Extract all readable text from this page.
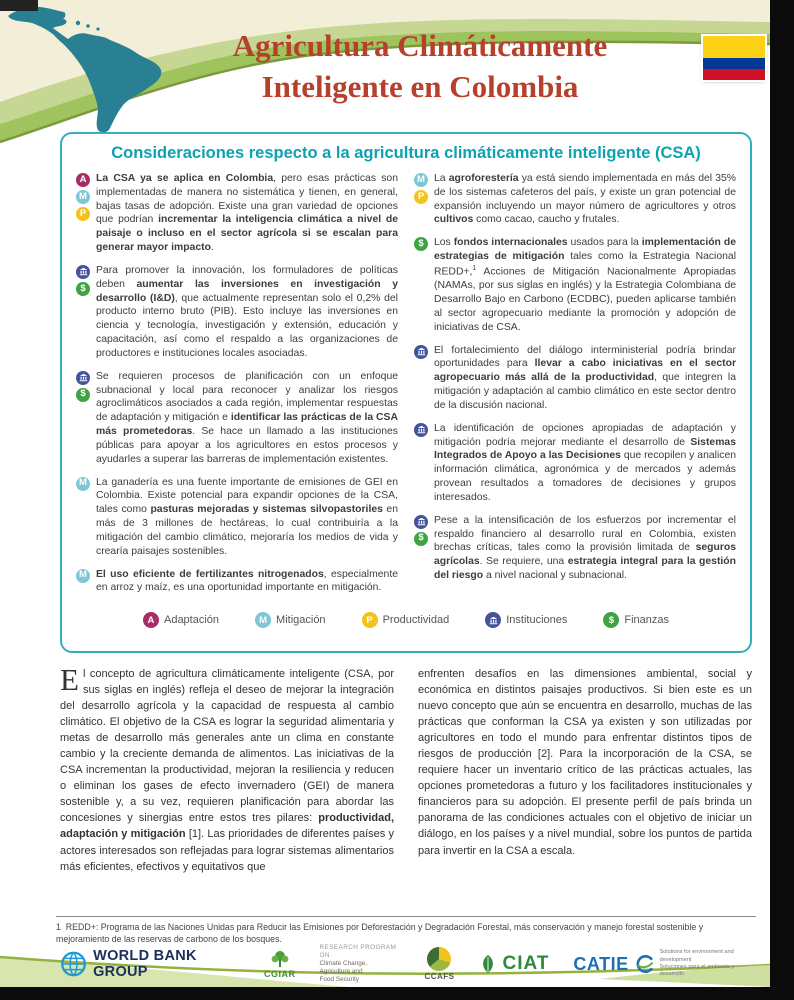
Agricultura Climáticamente
Inteligente en Colombia
Consideraciones respecto a la agricultura climáticamente inteligente (CSA)
A
M
P
La CSA ya se aplica en Colombia, pero esas prácticas son implementadas de manera no sistemática y tienen, en general, bajas tasas de adopción. Existe una gran variedad de opciones que podrían incrementar la inteligencia climática a nivel de paisaje o incluso en el sector agrícola si se escalan para generar mayor impacto.
$
Para promover la innovación, los formuladores de políticas deben aumentar las inversiones en investigación y desarrollo (I&D), que actualmente representan solo el 0,2% del producto interno bruto (PIB). Esto incluye las inversiones en ciencia y tecnología, investigación y extensión, educación y capacitación, así como el respaldo a las organizaciones de productores e instituciones locales asociadas.
$
Se requieren procesos de planificación con un enfoque subnacional y local para reconocer y analizar los riesgos agroclimáticos asociados a cada región, implementar respuestas de adaptación y mitigación e identificar las prácticas de la CSA más prometedoras. Se hace un llamado a las instituciones públicas para apoyar a los agricultores en estos procesos y ayudarles a superar las barreras de implementación existentes.
M La ganadería es una fuente importante de emisiones de GEI en Colombia. Existe potencial para expandir opciones de la CSA, tales como pasturas mejoradas y sistemas silvopastoriles en más de 3 millones de hectáreas, lo cual contribuiría a la mitigación del cambio climático, mejoraría los medios de vida y crearía paisajes sostenibles.
M El uso eficiente de fertilizantes nitrogenados, especialmente en arroz y maíz, es una oportunidad importante en mitigación.
M
P
La agroforestería ya está siendo implementada en más del 35% de los sistemas cafeteros del país, y existe un gran potencial de expansión incluyendo un mayor número de agricultores y otros cultivos como cacao, caucho y frutales.
$ Los fondos internacionales usados para la implementación de estrategias de mitigación tales como la Estrategia Nacional REDD+,$^1$ Acciones de Mitigación Nacionalmente Apropiadas (NAMAs, por sus siglas en inglés) y la Estrategia Colombiana de Desarrollo Bajo en Carbono (ECDBC), pueden aplicarse también al sector agropecuario mediante la promoción y adopción de iniciativas de CSA.
El fortalecimiento del diálogo interministerial podría brindar oportunidades para llevar a cabo iniciativas en el sector agropecuario más allá de la productividad, que integren la mitigación y adaptación al cambio climático en este sector dentro de la discusión nacional.
La identificación de opciones apropiadas de adaptación y mitigación podría mejorar mediante el desarrollo de Sistemas Integrados de Apoyo a las Decisiones que recopilen y analicen información climática, agronómica y de mercados y además provean resultados a tomadores de decisiones y grupos interesados.
$
Pese a la intensificación de los esfuerzos por incrementar el respaldo financiero al desarrollo rural en Colombia, existen brechas críticas, tales como la provisión limitada de seguros agrícolas. Se requiere, una estrategia integral para la gestión del riesgo a nivel nacional y subnacional.
A Adaptación	M Mitigación	P Productividad	Instituciones	$ Finanzas
El concepto de agricultura climáticamente inteligente (CSA, por sus siglas en inglés) refleja el deseo de mejorar la integración del desarrollo agrícola y la capacidad de respuesta al cambio climático. El objetivo de la CSA es lograr la seguridad alimentaria y metas de desarrollo más generales ante un clima en constante cambio y la creciente demanda de alimentos. Las iniciativas de la CSA incrementan la productividad, mejoran la resiliencia y reducen o eliminan los gases de efecto invernadero (GEI) de manera sostenible y, a su vez, requieren planificación para abordar las concesiones y sinergias entre estos tres pilares: productividad, adaptación y mitigación [1]. Las prioridades de diferentes países y actores interesados son reflejadas para lograr sistemas alimentarios más eficientes, efectivos y equitativos que
enfrenten desafíos en las dimensiones ambiental, social y económica en distintos paisajes productivos. Si bien este es un nuevo concepto que aún se encuentra en desarrollo, muchas de las prácticas que conforman la CSA ya existen y son utilizadas por agricultores en todo el mundo para enfrentar distintos tipos de riesgos de producción [2]. Para la incorporación de la CSA, se requiere hacer un inventario crítico de las prácticas actuales, las opciones prometedoras a futuro y los facilitadores institucionales y financieros para su adopción. El presente perfil de país brinda un panorama de las condiciones actuales con el objetivo de iniciar un diálogo, en los países y a nivel mundial, sobre los puntos de partida para invertir en la CSA a escala.
1  REDD+: Programa de las Naciones Unidas para Reducir las Emisiones por Deforestación y Degradación Forestal, más conservación y manejo forestal sostenible y mejoramiento de las reservas de carbono de los bosques.
WORLD BANK GROUP	CGIAR
RESEARCH PROGRAM ON
Climate Change,
Agriculture and
Food Security	CCAFS
CIAT CATIE
Solutions for environment and development
Soluciones para el ambiente y desarrollo
